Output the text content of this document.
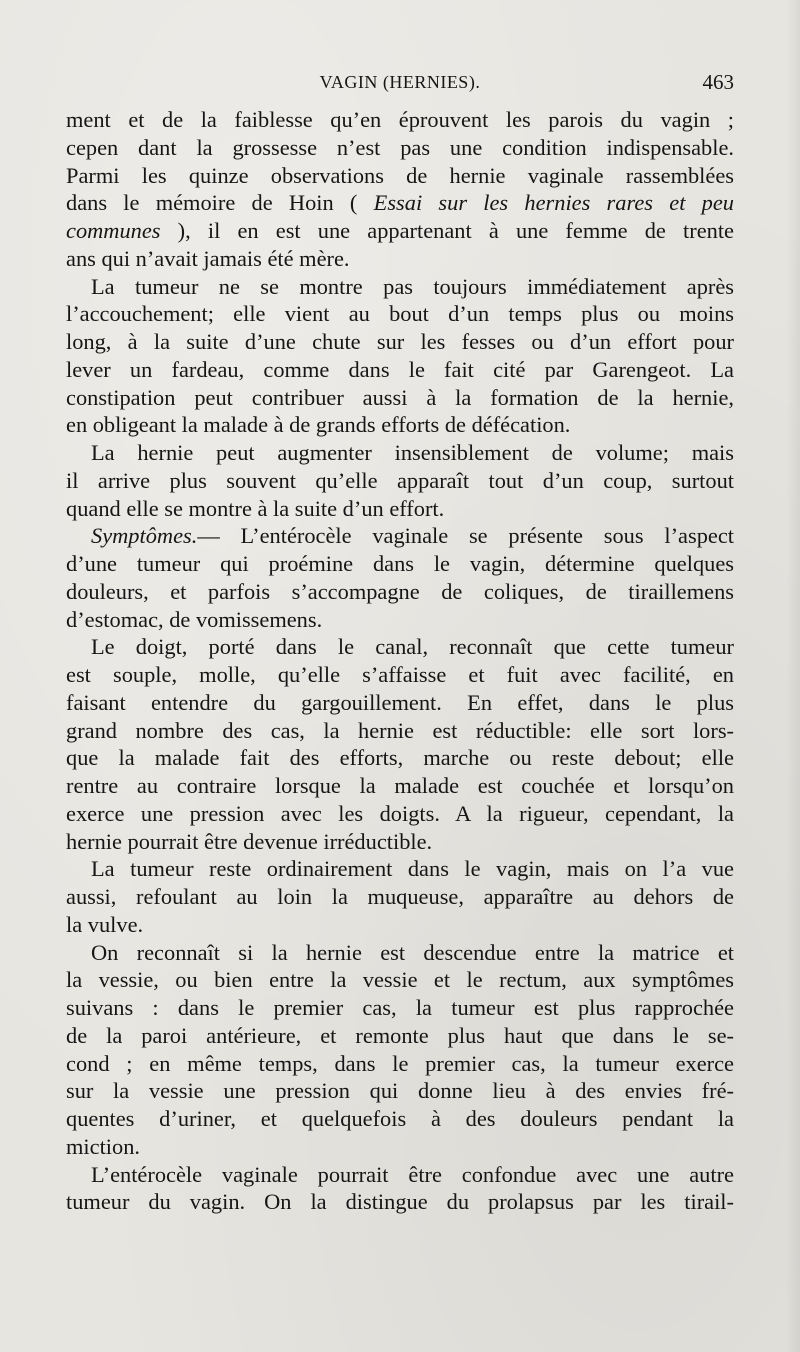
VAGIN (HERNIES).	463
ment et de la faiblesse qu’en éprouvent les parois du vagin ;
cepen dant la grossesse n’est pas une condition indispensable.
Parmi les quinze observations de hernie vaginale rassemblées
dans le mémoire de Hoin ( Essai sur les hernies rares et peu
communes ), il en est une appartenant à une femme de trente
ans qui n’avait jamais été mère.
La tumeur ne se montre pas toujours immédiatement après
l’accouchement; elle vient au bout d’un temps plus ou moins
long, à la suite d’une chute sur les fesses ou d’un effort pour
lever un fardeau, comme dans le fait cité par Garengeot. La
constipation peut contribuer aussi à la formation de la hernie,
en obligeant la malade à de grands efforts de défécation.
La hernie peut augmenter insensiblement de volume; mais
il arrive plus souvent qu’elle apparaît tout d’un coup, surtout
quand elle se montre à la suite d’un effort.
Symptômes.— L’entérocèle vaginale se présente sous l’aspect
d’une tumeur qui proémine dans le vagin, détermine quelques
douleurs, et parfois s’accompagne de coliques, de tiraillemens
d’estomac, de vomissemens.
Le doigt, porté dans le canal, reconnaît que cette tumeur
est souple, molle, qu’elle s’affaisse et fuit avec facilité, en
faisant entendre du gargouillement. En effet, dans le plus
grand nombre des cas, la hernie est réductible: elle sort lors-
que la malade fait des efforts, marche ou reste debout; elle
rentre au contraire lorsque la malade est couchée et lorsqu’on
exerce une pression avec les doigts. A la rigueur, cependant, la
hernie pourrait être devenue irréductible.
La tumeur reste ordinairement dans le vagin, mais on l’a vue
aussi, refoulant au loin la muqueuse, apparaître au dehors de
la vulve.
On reconnaît si la hernie est descendue entre la matrice et
la vessie, ou bien entre la vessie et le rectum, aux symptômes
suivans : dans le premier cas, la tumeur est plus rapprochée
de la paroi antérieure, et remonte plus haut que dans le se-
cond ; en même temps, dans le premier cas, la tumeur exerce
sur la vessie une pression qui donne lieu à des envies fré-
quentes d’uriner, et quelquefois à des douleurs pendant la
miction.
L’entérocèle vaginale pourrait être confondue avec une autre
tumeur du vagin. On la distingue du prolapsus par les tirail-
